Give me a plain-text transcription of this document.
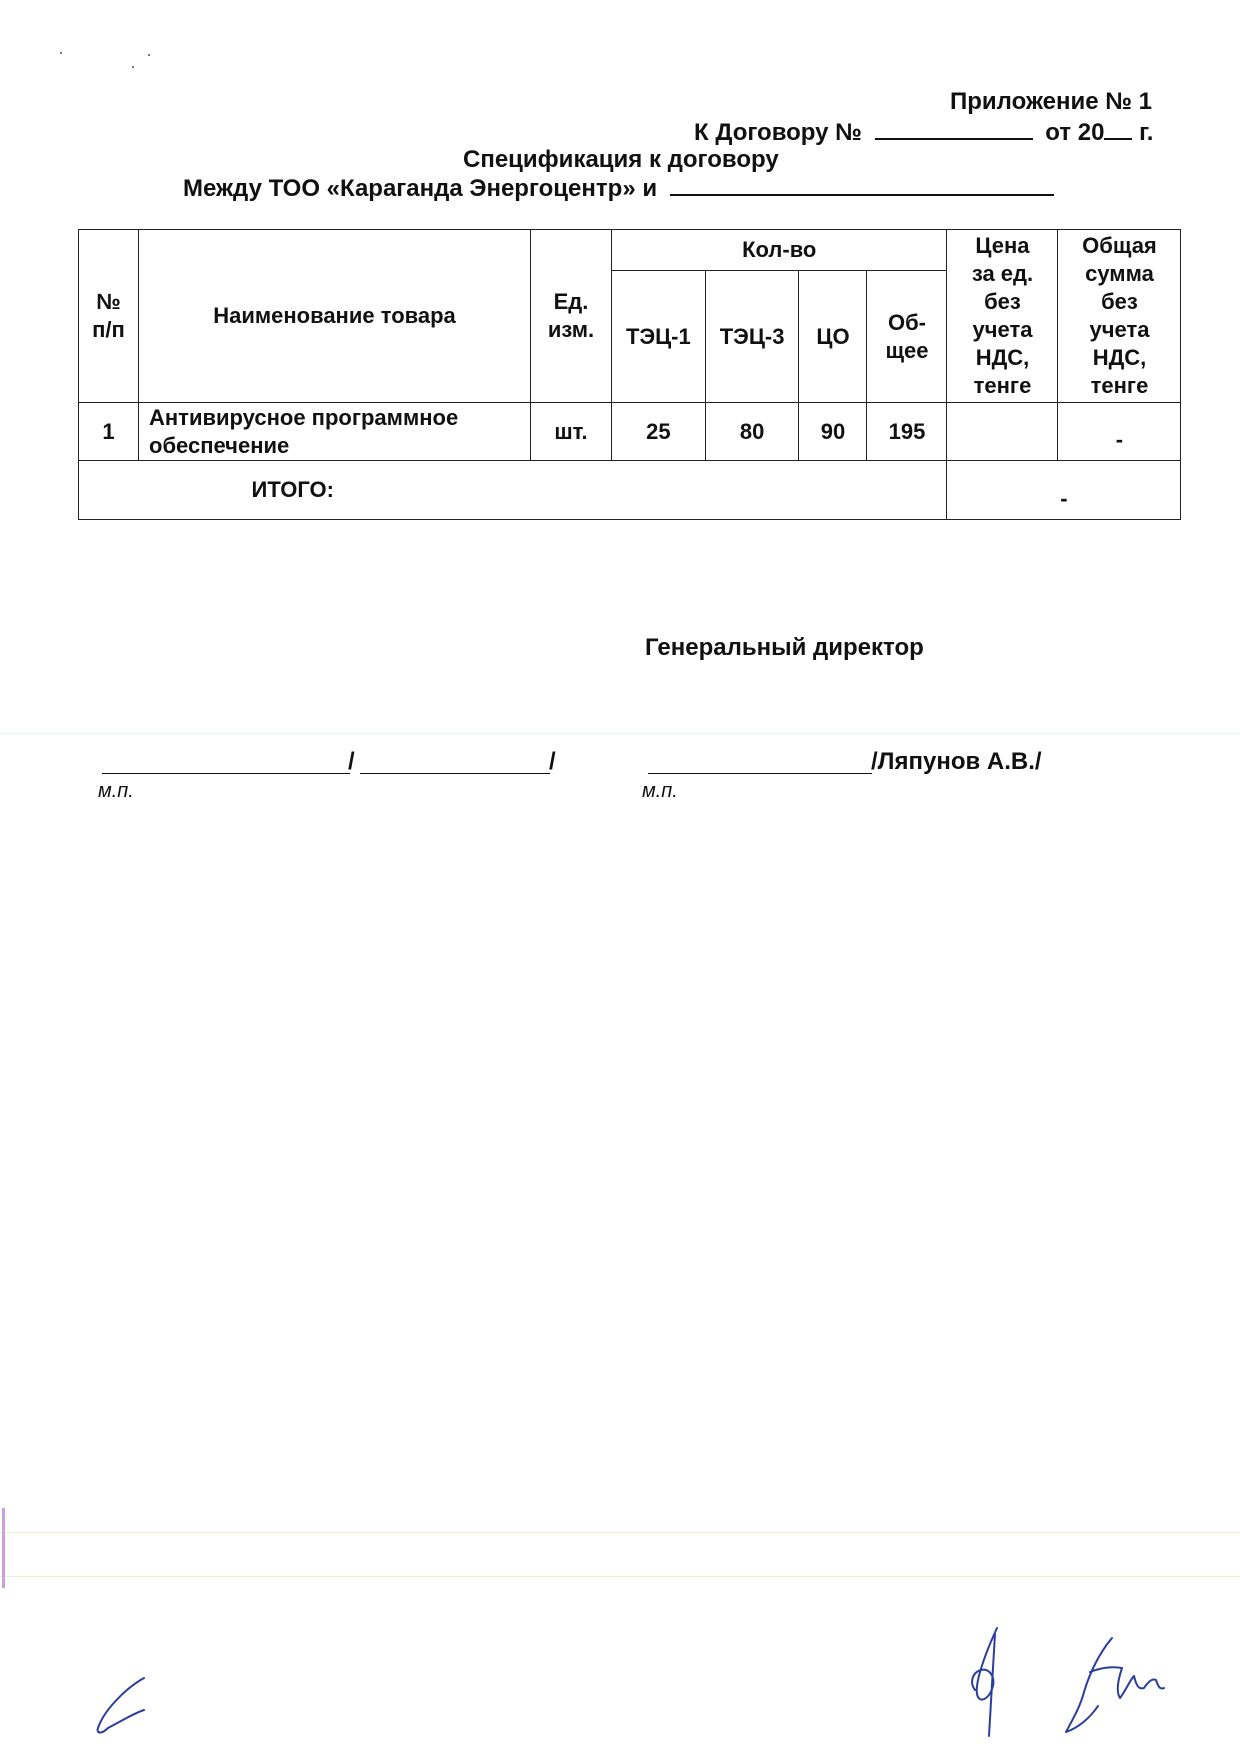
Приложение № 1
К Договору №	от 20 г.
Спецификация к договору
Между ТОО «Караганда Энергоцентр» и
№ п/п	Наименование товара	Ед. изм.	Кол-во				Цена за ед. без учета НДС, тенге	Общая сумма без учета НДС, тенге
			ТЭЦ-1	ТЭЦ-3	ЦО	Об-щее		
1	Антивирусное программное обеспечение	шт.	25	80	90	195		-

ИТОГО:							-	
Генеральный директор
/	/	/Ляпунов А.В./
м.п.	м.п.
